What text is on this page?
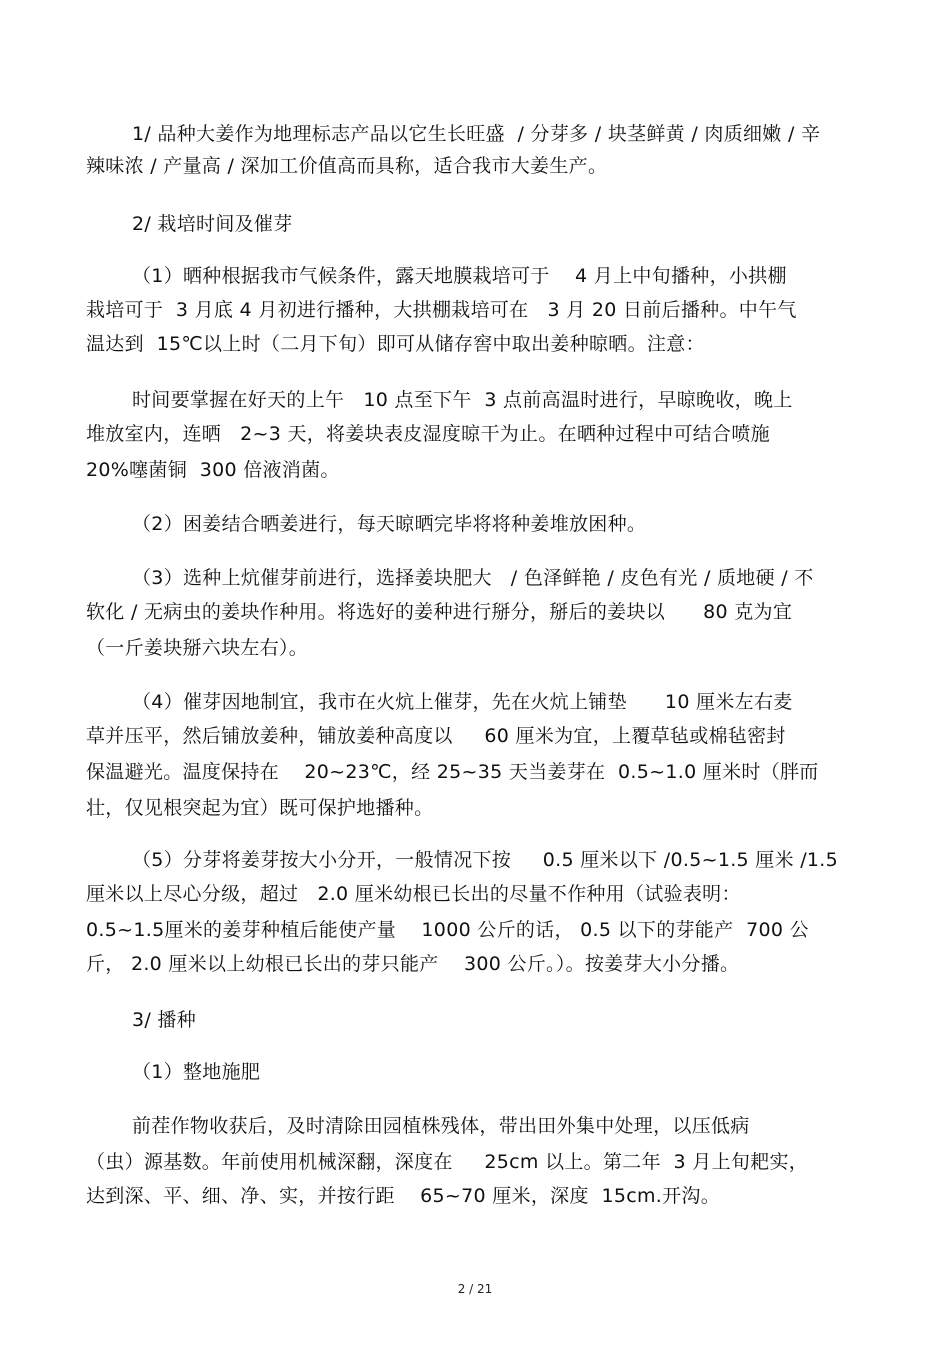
1/ 品种大姜作为地理标志产品以它生长旺盛  / 分芽多 / 块茎鲜黄 / 肉质细嫩 / 辛
辣味浓 / 产量高 / 深加工价值高而具称，适合我市大姜生产。
2/ 栽培时间及催芽
（1）晒种根据我市气候条件，露天地膜栽培可于    4 月上中旬播种，小拱棚
栽培可于  3 月底 4 月初进行播种，大拱棚栽培可在   3 月 20 日前后播种。中午气
温达到  15℃以上时（二月下旬）即可从储存窖中取出姜种晾晒。注意：
时间要掌握在好天的上午   10 点至下午  3 点前高温时进行，早晾晚收，晚上
堆放室内，连晒   2~3 天，将姜块表皮湿度晾干为止。在晒种过程中可结合喷施
20%噻菌铜  300 倍液消菌。
（2）困姜结合晒姜进行，每天晾晒完毕将将种姜堆放困种。
（3）选种上炕催芽前进行，选择姜块肥大   / 色泽鲜艳 / 皮色有光 / 质地硬 / 不
软化 / 无病虫的姜块作种用。将选好的姜种进行掰分，掰后的姜块以      80 克为宜
（一斤姜块掰六块左右）。
（4）催芽因地制宜，我市在火炕上催芽，先在火炕上铺垫      10 厘米左右麦
草并压平，然后铺放姜种，铺放姜种高度以     60 厘米为宜，上覆草毡或棉毡密封
保温避光。温度保持在    20~23℃，经 25~35 天当姜芽在  0.5~1.0 厘米时（胖而
壮，仅见根突起为宜）既可保护地播种。
（5）分芽将姜芽按大小分开，一般情况下按     0.5 厘米以下 /0.5~1.5 厘米 /1.5
厘米以上尽心分级，超过   2.0 厘米幼根已长出的尽量不作种用（试验表明：
0.5~1.5厘米的姜芽种植后能使产量    1000 公斤的话， 0.5 以下的芽能产  700 公
斤， 2.0 厘米以上幼根已长出的芽只能产    300 公斤。）。按姜芽大小分播。
3/ 播种
（1）整地施肥
前茬作物收获后，及时清除田园植株残体，带出田外集中处理，以压低病
（虫）源基数。年前使用机械深翻，深度在     25cm 以上。第二年  3 月上旬耙实，
达到深、平、细、净、实，并按行距    65~70 厘米，深度  15cm.开沟。
2 / 21
